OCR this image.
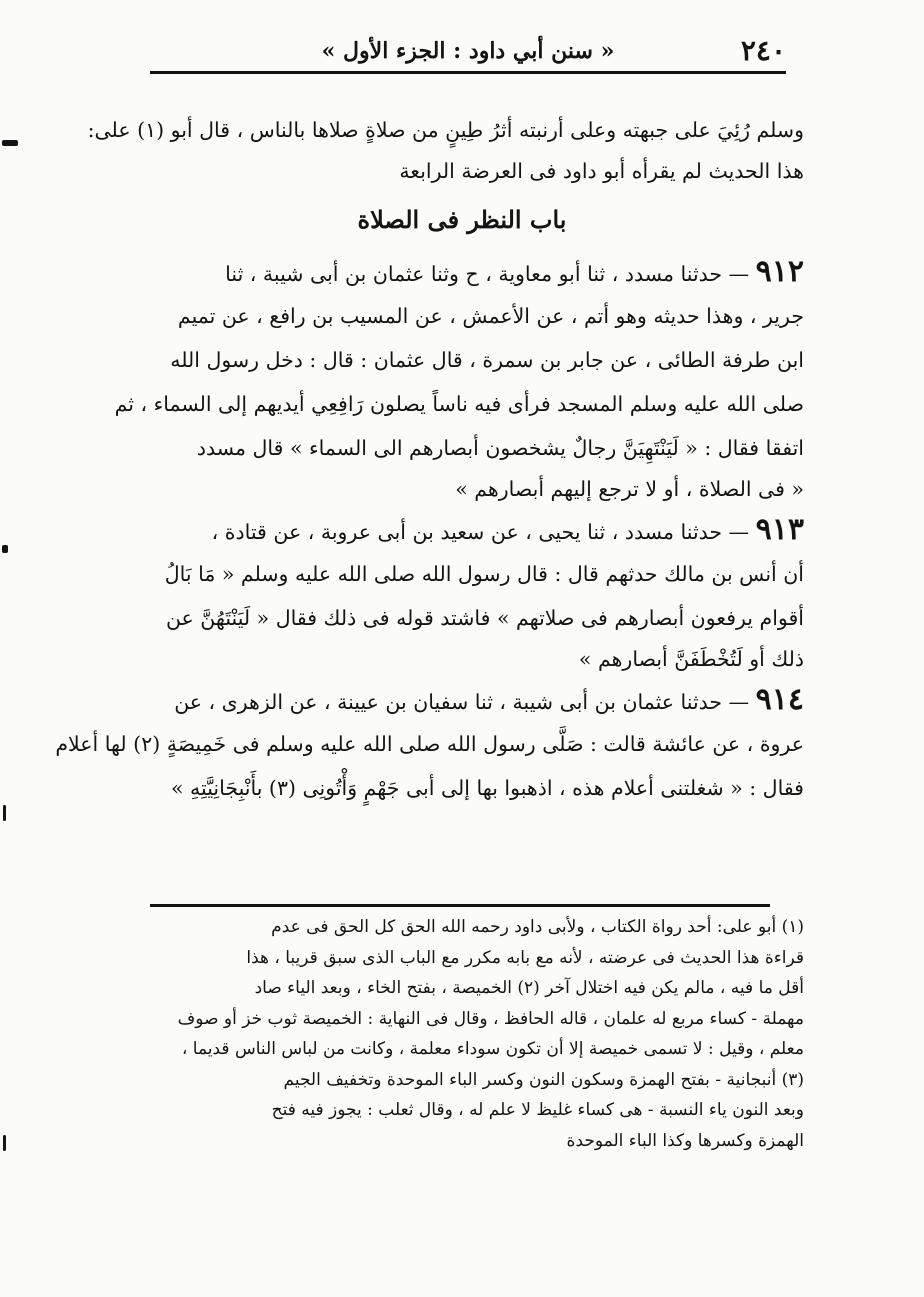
٢٤٠
« سنن أبي داود : الجزء الأول »
وسلم رُئِيَ على جبهته وعلى أرنبته أثرُ طِينٍ من صلاةٍ صلاها بالناس ، قال أبو (١) على:
هذا الحديث لم يقرأه أبو داود فى العرضة الرابعة
باب النظر فى الصلاة
٩١٢ — حدثنا مسدد ، ثنا أبو معاوية ، ح وثنا عثمان بن أبى شيبة ، ثنا
جرير ، وهذا حديثه وهو أتم ، عن الأعمش ، عن المسيب بن رافع ، عن تميم
ابن طرفة الطائى ، عن جابر بن سمرة ، قال عثمان : قال : دخل رسول الله
صلى الله عليه وسلم المسجد فرأى فيه ناساً يصلون رَافِعِي أيديهم إلى السماء ، ثم
اتفقا فقال : « لَيَنْتَهِيَنَّ رجالٌ يشخصون أبصارهم الى السماء » قال مسدد
« فى الصلاة ، أو لا ترجع إليهم أبصارهم »
٩١٣ — حدثنا مسدد ، ثنا يحيى ، عن سعيد بن أبى عروبة ، عن قتادة ،
أن أنس بن مالك حدثهم قال : قال رسول الله صلى الله عليه وسلم « مَا بَالُ
أقوام يرفعون أبصارهم فى صلاتهم » فاشتد قوله فى ذلك فقال « لَيَنْتَهُنَّ عن
ذلك أو لَتُخْطَفَنَّ أبصارهم »
٩١٤ — حدثنا عثمان بن أبى شيبة ، ثنا سفيان بن عيينة ، عن الزهرى ، عن
عروة ، عن عائشة قالت : صَلَّى رسول الله صلى الله عليه وسلم فى خَمِيصَةٍ (٢) لها أعلام
فقال : « شغلتنى أعلام هذه ، اذهبوا بها إلى أبى جَهْمٍ وَأْتُونِى (٣) بأَنْبِجَانِيَّتِهِ »
(١) أبو على: أحد رواة الكتاب ، ولأبى داود رحمه الله الحق كل الحق فى عدم
قراءة هذا الحديث فى عرضته ، لأنه مع بابه مكرر مع الباب الذى سبق قريبا ، هذا
أقل ما فيه ، مالم يكن فيه اختلال آخر (٢) الخميصة ، بفتح الخاء ، وبعد الياء صاد
مهملة - كساء مربع له علمان ، قاله الحافظ ، وقال فى النهاية : الخميصة ثوب خز أو صوف
معلم ، وقيل : لا تسمى خميصة إلا أن تكون سوداء معلمة ، وكانت من لباس الناس قديما ،
(٣) أنبجانية - بفتح الهمزة وسكون النون وكسر الباء الموحدة وتخفيف الجيم
وبعد النون ياء النسبة - هى كساء غليظ لا علم له ، وقال ثعلب : يجوز فيه فتح
الهمزة وكسرها وكذا الباء الموحدة
